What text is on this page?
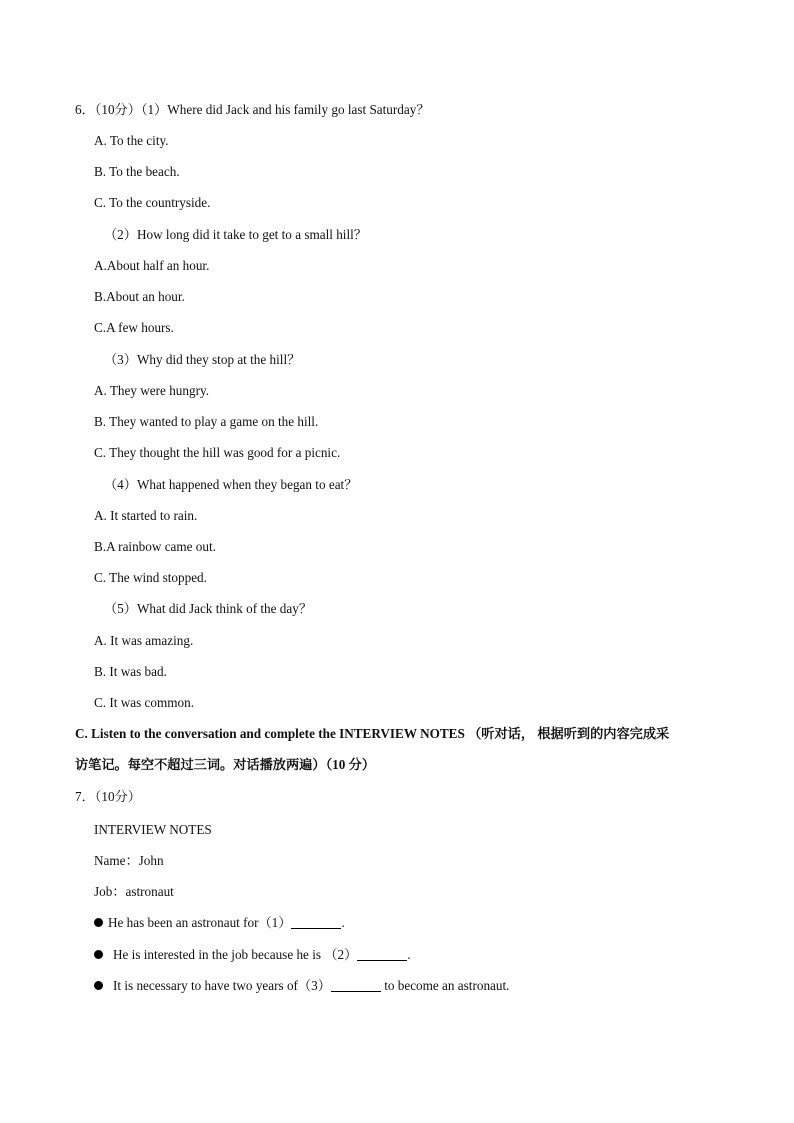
6．（10分）（1）Where did Jack and his family go last Saturday？
A. To the city.
B. To the beach.
C. To the countryside.
（2）How long did it take to get to a small hill？
A.About half an hour.
B.About an hour.
C.A few hours.
（3）Why did they stop at the hill？
A. They were hungry.
B. They wanted to play a game on the hill.
C. They thought the hill was good for a picnic.
（4）What happened when they began to eat？
A. It started to rain.
B.A rainbow came out.
C. The wind stopped.
（5）What did Jack think of the day？
A. It was amazing.
B. It was bad.
C. It was common.
C. Listen to the conversation and complete the INTERVIEW NOTES （听对话， 根据听到的内容完成采
访笔记。每空不超过三词。对话播放两遍）（10 分）
7．（10分）
INTERVIEW NOTES
Name：John
Job：astronaut
He has been an astronaut for（1）	.
He is interested in the job because he is （2）	.
It is necessary to have two years of（3）	to become an astronaut.
